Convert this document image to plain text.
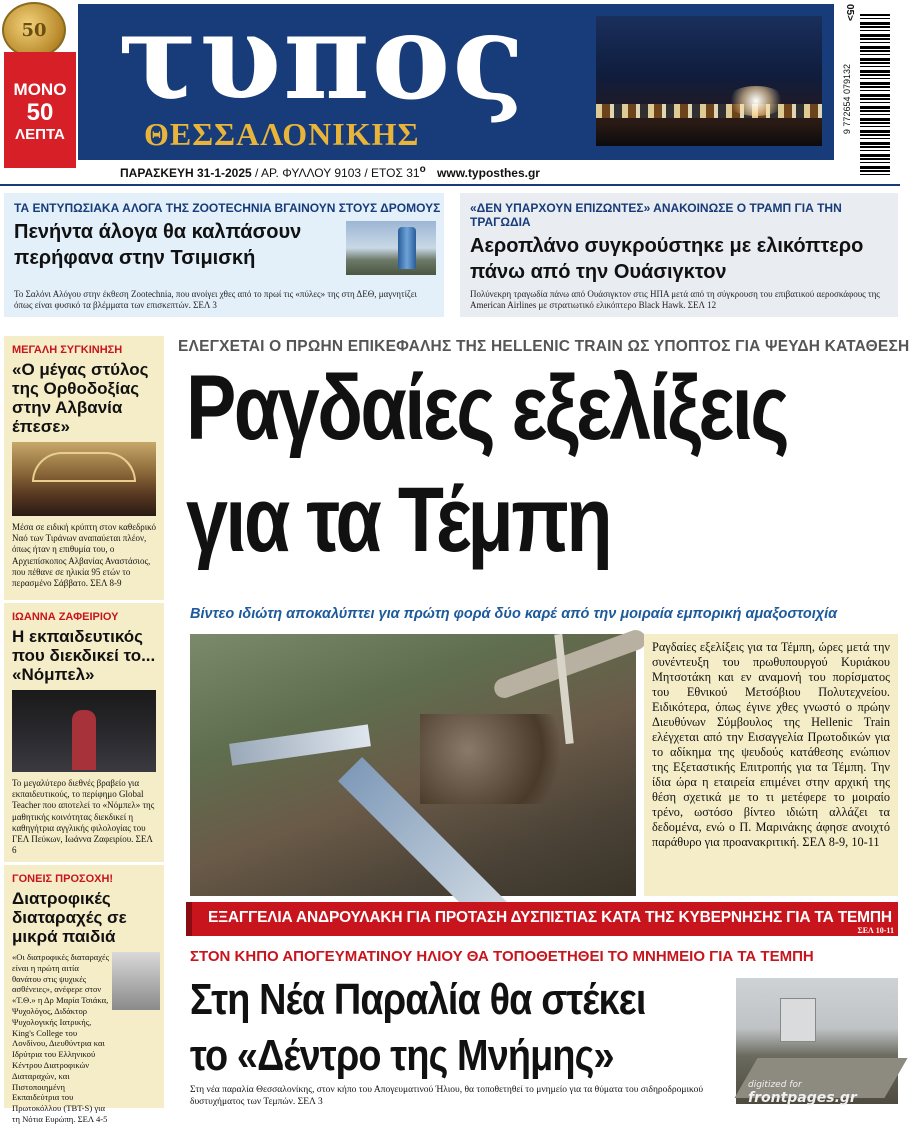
50
ΜΟΝΟ
50
ΛΕΠΤΑ
τυπος
ΘΕΣΣΑΛΟΝΙΚΗΣ
05>
9 772654 079132
ΠΑΡΑΣΚΕΥΗ 31-1-2025 / ΑΡ. ΦΥΛΛΟΥ 9103 / ΕΤΟΣ $31^o$ www.typosthes.gr
ΤΑ ΕΝΤΥΠΩΣΙΑΚΑ ΑΛΟΓΑ ΤΗΣ ZOOTECHNIA ΒΓΑΙΝΟΥΝ ΣΤΟΥΣ ΔΡΟΜΟΥΣ
Πενήντα άλογα θα καλπάσουν
περήφανα στην Τσιμισκή
Το Σαλόνι Αλόγου στην έκθεση Zootechnia, που ανοίγει χθες από το πρωί τις «πύλες» της στη ΔΕΘ, μαγνητίζει όπως είναι φυσικό τα βλέμματα των επισκεπτών. ΣΕΛ 3
«ΔΕΝ ΥΠΑΡΧΟΥΝ ΕΠΙΖΩΝΤΕΣ» ΑΝΑΚΟΙΝΩΣΕ Ο ΤΡΑΜΠ ΓΙΑ ΤΗΝ ΤΡΑΓΩΔΙΑ
Αεροπλάνο συγκρούστηκε με ελικόπτερο
πάνω από την Ουάσιγκτον
Πολύνεκρη τραγωδία πάνω από Ουάσιγκτον στις ΗΠΑ μετά από τη σύγκρουση του επιβατικού αεροσκάφους της American Airlines με στρατιωτικό ελικόπτερο Black Hawk. ΣΕΛ 12
ΜΕΓΑΛΗ ΣΥΓΚΙΝΗΣΗ
«Ο μέγας στύλος της Ορθοδοξίας στην Αλβανία έπεσε»
Μέσα σε ειδική κρύπτη στον καθεδρικό Ναό των Τιράνων αναπαύεται πλέον, όπως ήταν η επιθυμία του, ο Αρχιεπίσκοπος Αλβανίας Αναστάσιος, που πέθανε σε ηλικία 95 ετών το περασμένο Σάββατο. ΣΕΛ 8-9
ΙΩΑΝΝΑ ΖΑΦΕΙΡΙΟΥ
Η εκπαιδευτικός που διεκδικεί το... «Νόμπελ»
Το μεγαλύτερο διεθνές βραβείο για εκπαιδευτικούς, το περίφημο Global Teacher που αποτελεί το «Νόμπελ» της μαθητικής κοινότητας διεκδικεί η καθηγήτρια αγγλικής φιλολογίας του ΓΕΛ Πεύκων, Ιωάννα Ζαφειρίου. ΣΕΛ 6
ΓΟΝΕΙΣ ΠΡΟΣΟΧΗ!
Διατροφικές διαταραχές σε μικρά παιδιά
«Οι διατροφικές διαταραχές είναι η πρώτη αιτία θανάτου στις ψυχικές ασθένειες», ανέφερε στον «Τ.Θ.» η Δρ Μαρία Τσιάκα, Ψυχολόγος, Διδάκτορ Ψυχολογικής Ιατρικής, King's College του Λονδίνου, Διευθύντρια και Ιδρύτρια του Ελληνικού Κέντρου Διατροφικών Διαταραχών, και Πιστοποιημένη Εκπαιδεύτρια του Πρωτοκόλλου (TBT-S) για τη Νότια Ευρώπη. ΣΕΛ 4-5
ΕΛΕΓΧΕΤΑΙ Ο ΠΡΩΗΝ ΕΠΙΚΕΦΑΛΗΣ ΤΗΣ HELLENIC TRAIN ΩΣ ΥΠΟΠΤΟΣ ΓΙΑ ΨΕΥΔΗ ΚΑΤΑΘΕΣΗ
Ραγδαίες εξελίξεις
για τα Τέμπη
Βίντεο ιδιώτη αποκαλύπτει για πρώτη φορά δύο καρέ από την μοιραία εμπορική αμαξοστοιχία
Ραγδαίες εξελίξεις για τα Τέμπη, ώρες μετά την συνέντευξη του πρωθυπουργού Κυριάκου Μητσοτάκη και εν αναμονή του πορίσματος του Εθνικού Μετσόβιου Πολυτεχνείου. Ειδικότερα, όπως έγινε χθες γνωστό ο πρώην Διευθύνων Σύμβουλος της Hellenic Train ελέγχεται από την Εισαγγελία Πρωτοδικών για το αδίκημα της ψευδούς κατάθεσης ενώπιον της Εξεταστικής Επιτροπής για τα Τέμπη. Την ίδια ώρα η εταιρεία επιμένει στην αρχική της θέση σχετικά με το τι μετέφερε το μοιραίο τρένο, ωστόσο βίντεο ιδιώτη αλλάζει τα δεδομένα, ενώ ο Π. Μαρινάκης άφησε ανοιχτό παράθυρο για προανακριτική. ΣΕΛ 8-9, 10-11
ΕΞΑΓΓΕΛΙΑ ΑΝΔΡΟΥΛΑΚΗ ΓΙΑ ΠΡΟΤΑΣΗ ΔΥΣΠΙΣΤΙΑΣ ΚΑΤΑ ΤΗΣ ΚΥΒΕΡΝΗΣΗΣ ΓΙΑ ΤΑ ΤΕΜΠΗ
ΣΕΛ 10-11
ΣΤΟΝ ΚΗΠΟ ΑΠΟΓΕΥΜΑΤΙΝΟΥ ΗΛΙΟΥ ΘΑ ΤΟΠΟΘΕΤΗΘΕΙ ΤΟ ΜΝΗΜΕΙΟ ΓΙΑ ΤΑ ΤΕΜΠΗ
Στη Νέα Παραλία θα στέκει
το «Δέντρο της Μνήμης»
digitized for
frontpages.gr
Στη νέα παραλία Θεσσαλονίκης, στον κήπο του Απογευματινού Ήλιου, θα τοποθετηθεί το μνημείο για τα θύματα του σιδηροδρομικού δυστυχήματος των Τεμπών. ΣΕΛ 3
